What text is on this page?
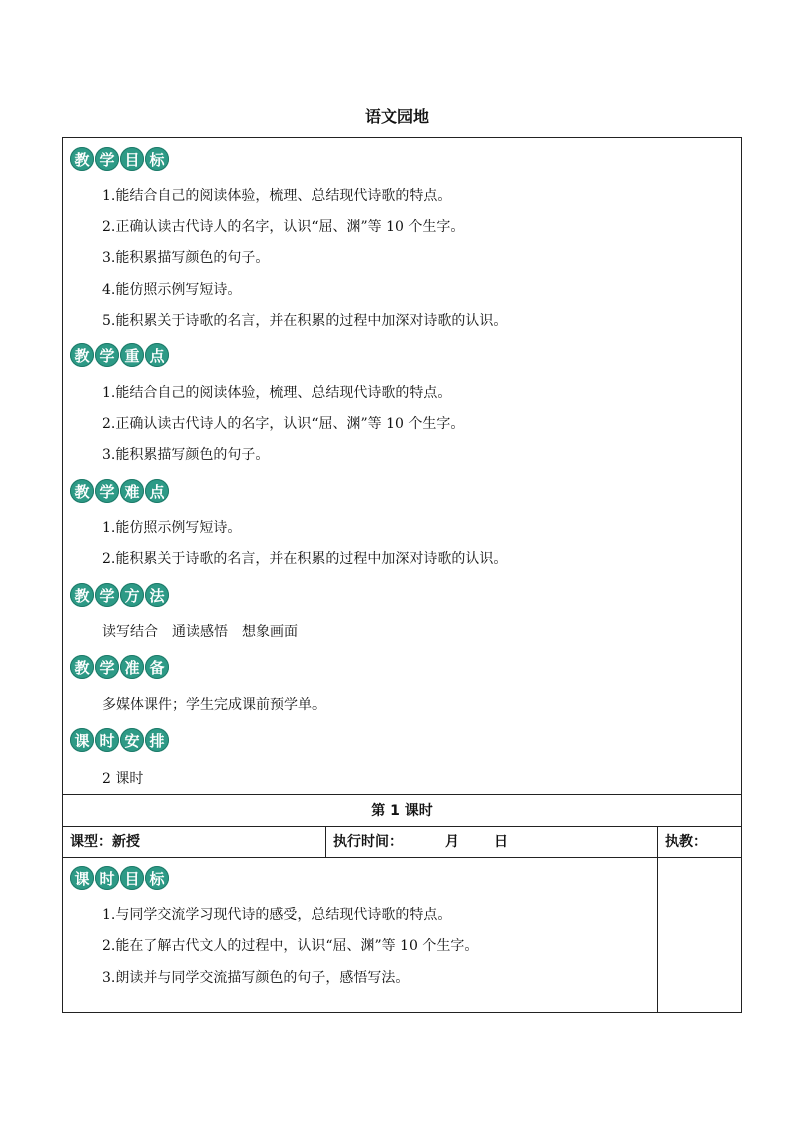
语文园地
教 学 目 标
1.能结合自己的阅读体验，梳理、总结现代诗歌的特点。
2.正确认读古代诗人的名字，认识“屈、渊”等 10 个生字。
3.能积累描写颜色的句子。
4.能仿照示例写短诗。
5.能积累关于诗歌的名言，并在积累的过程中加深对诗歌的认识。
教 学 重 点
1.能结合自己的阅读体验，梳理、总结现代诗歌的特点。
2.正确认读古代诗人的名字，认识“屈、渊”等 10 个生字。
3.能积累描写颜色的句子。
教 学 难 点
1.能仿照示例写短诗。
2.能积累关于诗歌的名言，并在积累的过程中加深对诗歌的认识。
教 学 方 法
读写结合　通读感悟　想象画面
教 学 准 备
多媒体课件；学生完成课前预学单。
课 时 安 排
2 课时
第 1 课时
课型：新授	执行时间：	月	日	执教：
课 时 目 标
1.与同学交流学习现代诗的感受，总结现代诗歌的特点。
2.能在了解古代文人的过程中，认识“屈、渊”等 10 个生字。
3.朗读并与同学交流描写颜色的句子，感悟写法。
